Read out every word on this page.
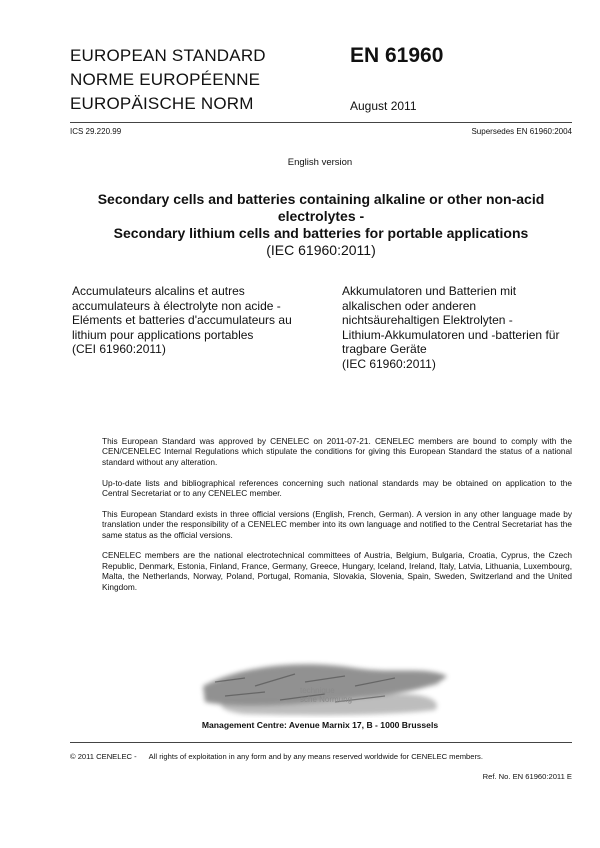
EUROPEAN STANDARD
NORME EUROPÉENNE
EUROPÄISCHE NORM
EN 61960
August 2011
ICS 29.220.99	Supersedes EN 61960:2004
English version
Secondary cells and batteries containing alkaline or other non-acid
electrolytes -
Secondary lithium cells and batteries for portable applications
(IEC 61960:2011)
Accumulateurs alcalins et autres
accumulateurs à électrolyte non acide -
Eléments et batteries d'accumulateurs au
lithium pour applications portables
(CEI 61960:2011)
Akkumulatoren und Batterien mit
alkalischen oder anderen
nichtsäurehaltigen Elektrolyten -
Lithium-Akkumulatoren und -batterien für
tragbare Geräte
(IEC 61960:2011)

This European Standard was approved by CENELEC on 2011-07-21. CENELEC members are bound to comply with the CEN/CENELEC Internal Regulations which stipulate the conditions for giving this European Standard the status of a national standard without any alteration.

Up-to-date lists and bibliographical references concerning such national standards may be obtained on application to the Central Secretariat or to any CENELEC member.

This European Standard exists in three official versions (English, French, German). A version in any other language made by translation under the responsibility of a CENELEC member into its own language and notified to the Central Secretariat has the same status as the official versions.

CENELEC members are the national electrotechnical committees of Austria, Belgium, Bulgaria, Croatia, Cyprus, the Czech Republic, Denmark, Estonia, Finland, France, Germany, Greece, Hungary, Iceland, Ireland, Italy, Latvia, Lithuania, Luxembourg, Malta, the Netherlands, Norway, Poland, Portugal, Romania, Slovakia, Slovenia, Spain, Sweden, Switzerland and the United Kingdom.

technique
sche Normung
Management Centre: Avenue Marnix 17, B - 1000 Brussels
© 2011 CENELEC - All rights of exploitation in any form and by any means reserved worldwide for CENELEC members.
Ref. No. EN 61960:2011 E
